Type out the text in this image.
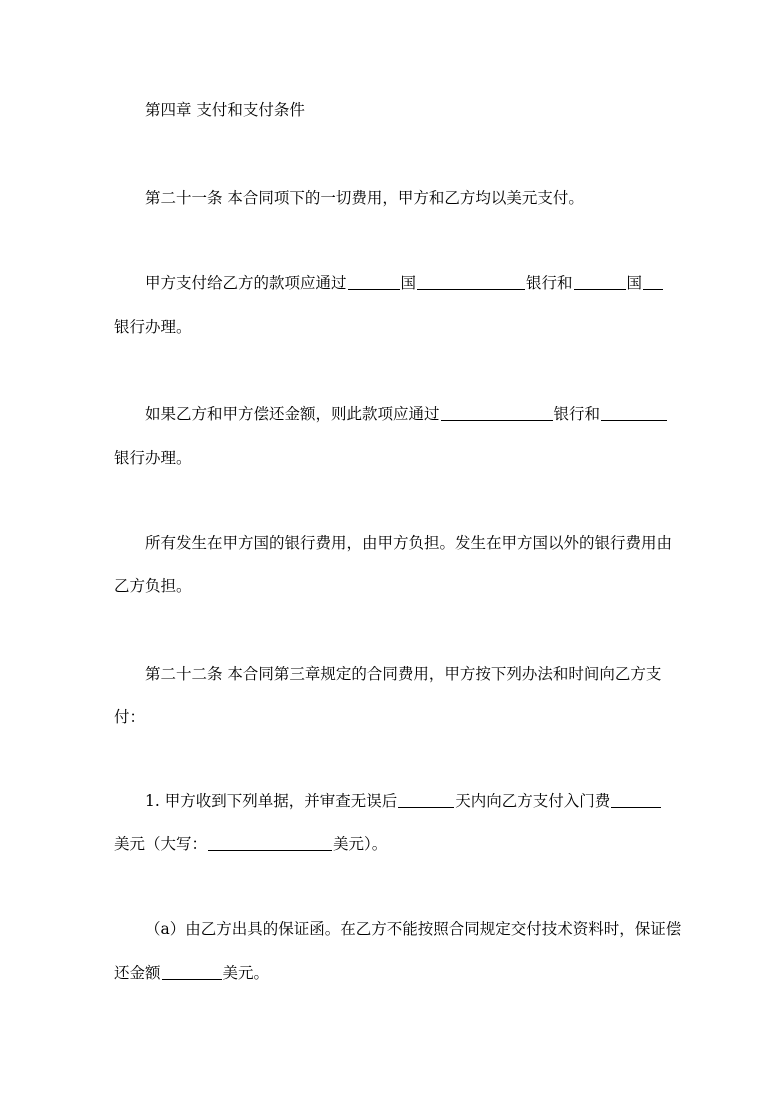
第四章 支付和支付条件
第二十一条 本合同项下的一切费用，甲方和乙方均以美元支付。
甲方支付给乙方的款项应通过	国	银行和	国
银行办理。
如果乙方和甲方偿还金额，则此款项应通过	银行和
银行办理。
所有发生在甲方国的银行费用，由甲方负担。发生在甲方国以外的银行费用由
乙方负担。
第二十二条 本合同第三章规定的合同费用，甲方按下列办法和时间向乙方支
付：
1. 甲方收到下列单据，并审查无误后	天内向乙方支付入门费
美元（大写：	美元）。
（a）由乙方出具的保证函。在乙方不能按照合同规定交付技术资料时，保证偿
还金额	美元。
